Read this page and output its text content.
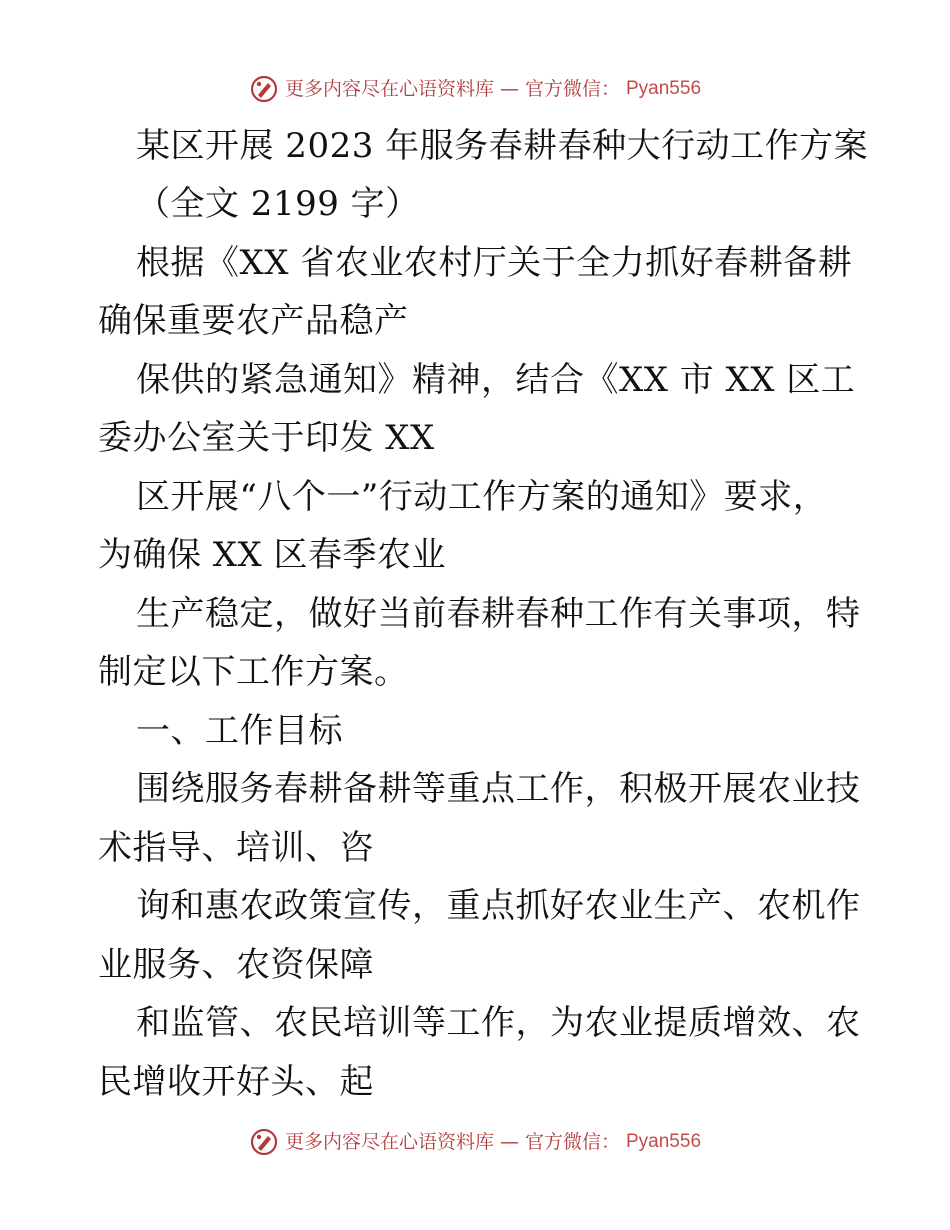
更多内容尽在心语资料库 — 官方微信： Pyan556
某区开展 2023 年服务春耕春种大行动工作方案
（全文 2199 字）
根据《XX 省农业农村厅关于全力抓好春耕备耕
确保重要农产品稳产
保供的紧急通知》精神，结合《XX 市 XX 区工
委办公室关于印发 XX
区开展“八个一”行动工作方案的通知》要求，
为确保 XX 区春季农业
生产稳定，做好当前春耕春种工作有关事项，特
制定以下工作方案。
一、工作目标
围绕服务春耕备耕等重点工作，积极开展农业技
术指导、培训、咨
询和惠农政策宣传，重点抓好农业生产、农机作
业服务、农资保障
和监管、农民培训等工作，为农业提质增效、农
民增收开好头、起
更多内容尽在心语资料库 — 官方微信： Pyan556
